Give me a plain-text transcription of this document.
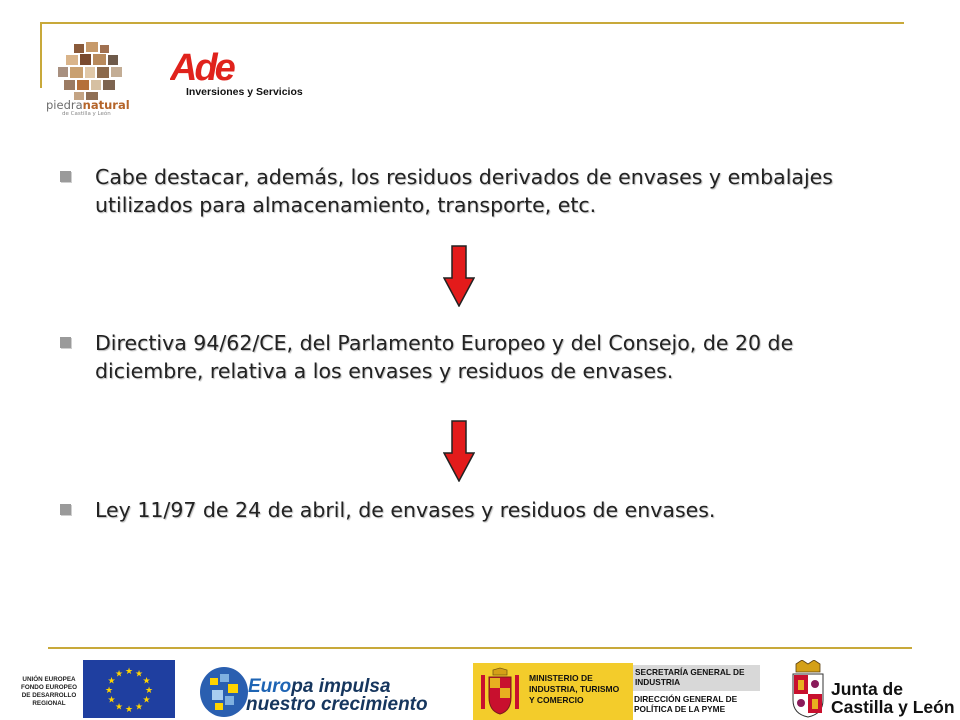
piedranatural
de Castilla y León
Ade
Inversiones y Servicios
Cabe destacar, además, los residuos derivados de envases y embalajes utilizados para almacenamiento, transporte, etc.
Directiva 94/62/CE, del Parlamento Europeo y del Consejo, de 20 de diciembre, relativa a los envases y residuos de envases.
Ley 11/97 de 24 de abril, de envases y residuos de envases.
UNIÓN EUROPEA
FONDO EUROPEO
DE DESARROLLO
REGIONAL
★ ★
★
★
★
★
★
★
★
★
★
★
Europa impulsa
nuestro crecimiento
MINISTERIO DE
INDUSTRIA, TURISMO
Y COMERCIO
SECRETARÍA GENERAL DE
INDUSTRIA
DIRECCIÓN GENERAL DE
POLÍTICA DE LA PYME
Junta de
Castilla y León
